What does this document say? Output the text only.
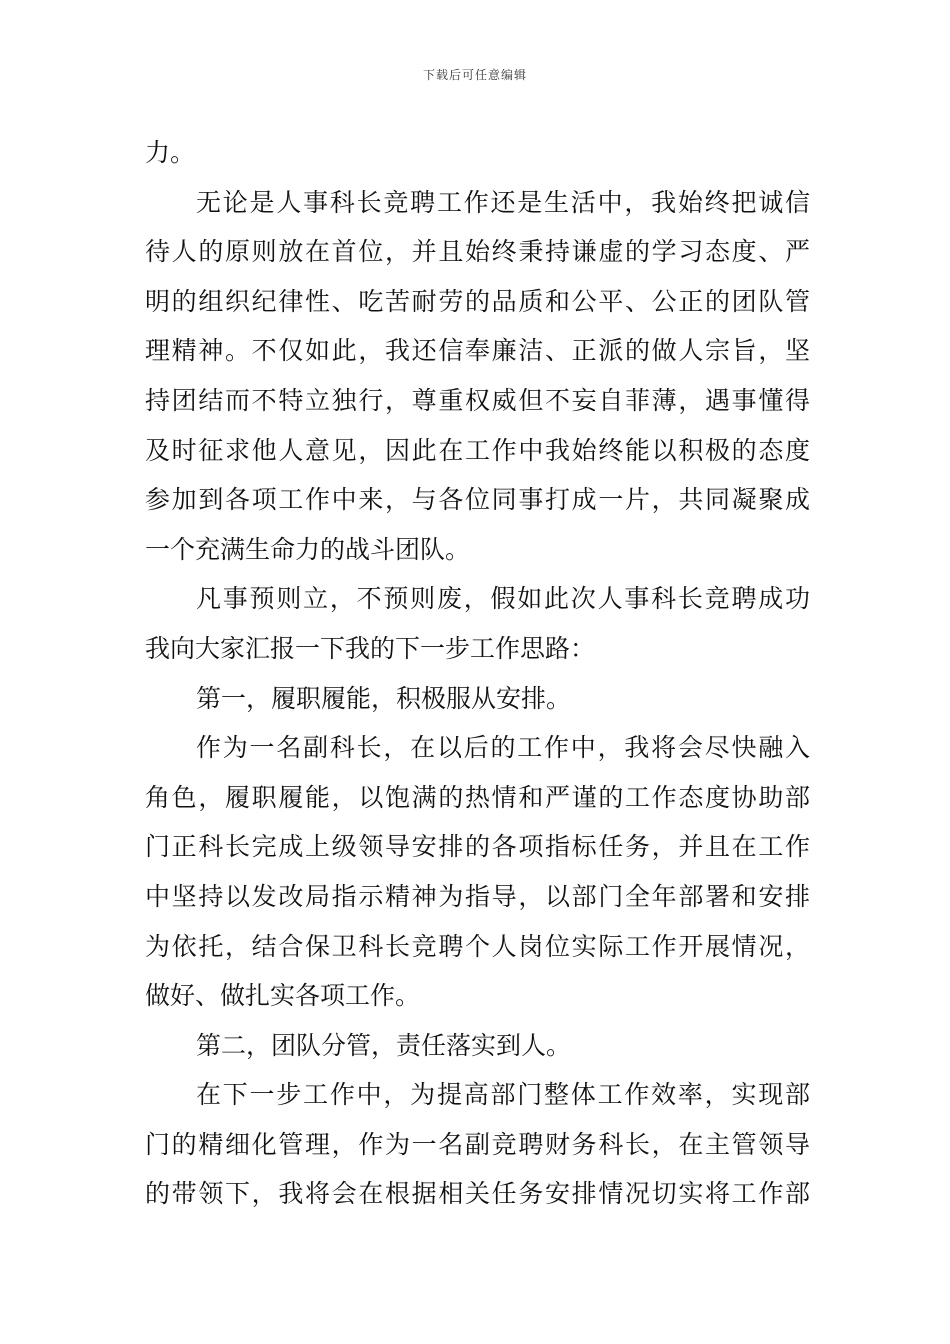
下载后可任意编辑
力。
无论是人事科长竞聘工作还是生活中，我始终把诚信
待人的原则放在首位，并且始终秉持谦虚的学习态度、严
明的组织纪律性、吃苦耐劳的品质和公平、公正的团队管
理精神。不仅如此，我还信奉廉洁、正派的做人宗旨，坚
持团结而不特立独行，尊重权威但不妄自菲薄，遇事懂得
及时征求他人意见，因此在工作中我始终能以积极的态度
参加到各项工作中来，与各位同事打成一片，共同凝聚成
一个充满生命力的战斗团队。
凡事预则立，不预则废，假如此次人事科长竞聘成功
我向大家汇报一下我的下一步工作思路：
第一，履职履能，积极服从安排。
作为一名副科长，在以后的工作中，我将会尽快融入
角色，履职履能，以饱满的热情和严谨的工作态度协助部
门正科长完成上级领导安排的各项指标任务，并且在工作
中坚持以发改局指示精神为指导，以部门全年部署和安排
为依托，结合保卫科长竞聘个人岗位实际工作开展情况，
做好、做扎实各项工作。
第二，团队分管，责任落实到人。
在下一步工作中，为提高部门整体工作效率，实现部
门的精细化管理，作为一名副竞聘财务科长，在主管领导
的带领下，我将会在根据相关任务安排情况切实将工作部
